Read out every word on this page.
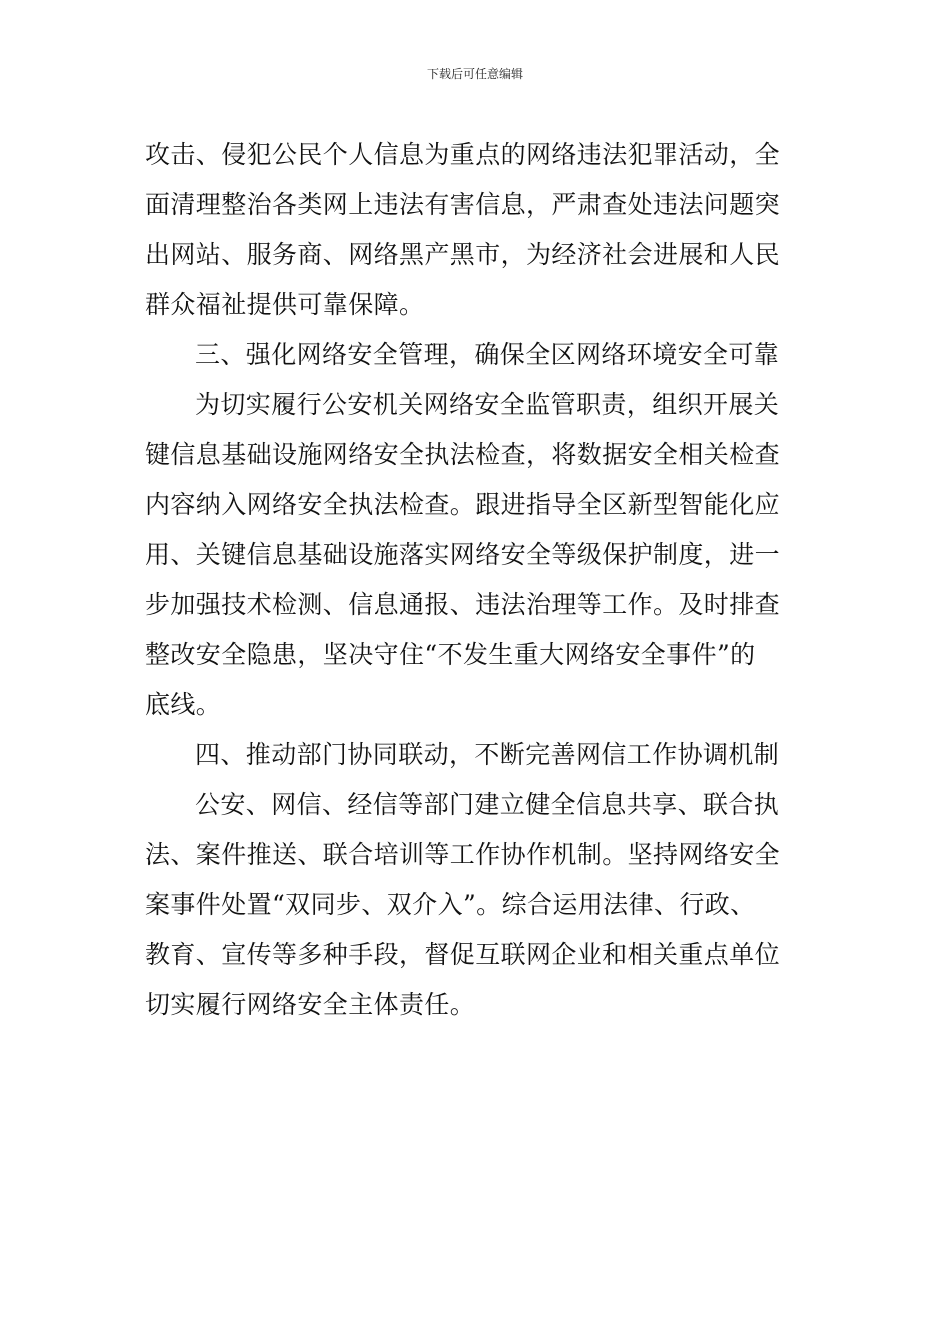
下载后可任意编辑
攻击、侵犯公民个人信息为重点的网络违法犯罪活动，全
面清理整治各类网上违法有害信息，严肃查处违法问题突
出网站、服务商、网络黑产黑市，为经济社会进展和人民
群众福祉提供可靠保障。
三、强化网络安全管理，确保全区网络环境安全可靠
为切实履行公安机关网络安全监管职责，组织开展关
键信息基础设施网络安全执法检查，将数据安全相关检查
内容纳入网络安全执法检查。跟进指导全区新型智能化应
用、关键信息基础设施落实网络安全等级保护制度，进一
步加强技术检测、信息通报、违法治理等工作。及时排查
整改安全隐患，坚决守住“不发生重大网络安全事件”的
底线。
四、推动部门协同联动，不断完善网信工作协调机制
公安、网信、经信等部门建立健全信息共享、联合执
法、案件推送、联合培训等工作协作机制。坚持网络安全
案事件处置“双同步、双介入”。综合运用法律、行政、
教育、宣传等多种手段，督促互联网企业和相关重点单位
切实履行网络安全主体责任。
